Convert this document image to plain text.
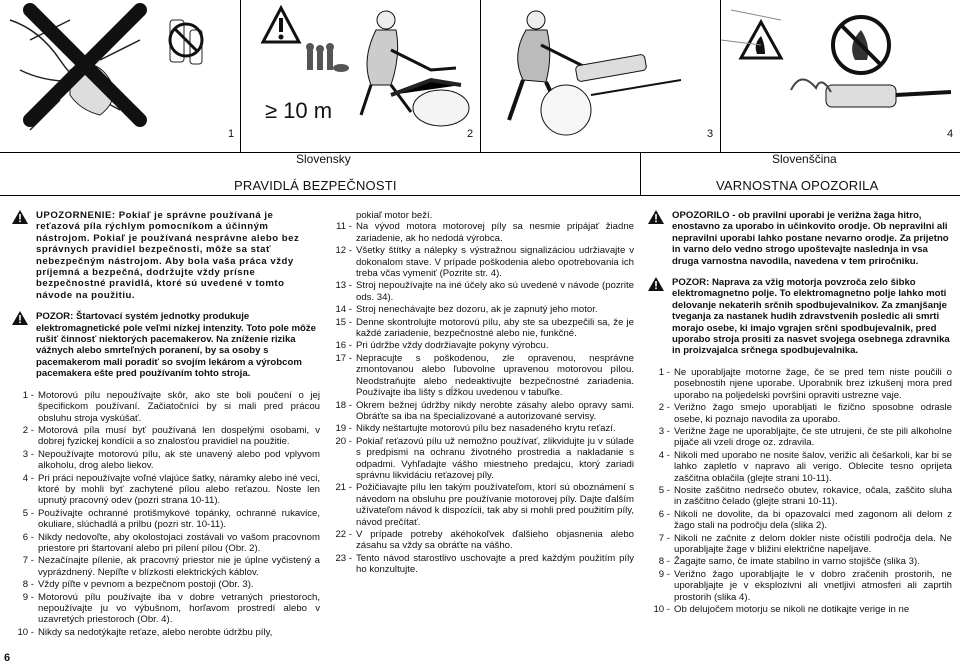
1
≥ 10 m
2	3	4
Slovensky
PRAVIDLÁ BEZPEČNOSTI
UPOZORNENIE: Pokiaľ je správne používaná je reťazová píla rýchlym pomocníkom a účinným nástrojom. Pokiaľ je používaná nesprávne alebo bez správnych pravidiel bezpečnosti, môže sa stať nebezpečným nástrojom. Aby bola vaša práca vždy príjemná a bezpečná, dodržujte vždy prísne bezpečnostné pravidlá, ktoré sú uvedené v tomto návode na použitiu.
POZOR: Štartovací systém jednotky produkuje elektromagnetické pole veľmi nízkej intenzity. Toto pole môže rušiť činnosť niektorých pacemakerov. Na zníženie rizika vážnych alebo smrteľných poranení, by sa osoby s pacemakerom mali poradiť so svojím lekárom a výrobcom pacemakera ešte pred používaním tohto stroja.
1 - Motorovú pílu nepoužívajte skôr, ako ste boli poučení o jej špecifickom používaní. Začiatočníci by si mali pred prácou obsluhu stroja vyskúšať.
2 - Motorová píla musí byť používaná len dospelými osobami, v dobrej fyzickej kondícii a so znalosťou pravidiel na použitie.
3 - Nepoužívajte motorovú pílu, ak ste unavený alebo pod vplyvom alkoholu, drog alebo liekov.
4 - Pri práci nepoužívajte voľné vlajúce šatky, náramky alebo iné veci, ktoré by mohli byť zachytené pílou alebo reťazou. Noste len upnutý pracovný odev (pozri strana 10-11).
5 - Používajte ochranné protišmykové topánky, ochranné rukavice, okuliare, slúchadlá a prilbu (pozri str. 10-11).
6 - Nikdy nedovoľte, aby okolostojaci zostávali vo vašom pracovnom priestore pri štartovaní alebo pri pílení pílou (Obr. 2).
7 - Nezačínajte pílenie, ak pracovný priestor nie je úplne vyčistený a vyprázdnený. Nepíľte v blízkosti elektrických káblov.
8 - Vždy píľte v pevnom a bezpečnom postoji (Obr. 3).
9 - Motorovú pílu používajte iba v dobre vetraných priestoroch, nepoužívajte ju vo výbušnom, horľavom prostredí alebo v uzavretých priestoroch (Obr. 4).
10 - Nikdy sa nedotýkajte reťaze, alebo nerobte údržbu píly,
pokiaľ motor beží.
11 - Na vývod motora motorovej píly sa nesmie pripájať žiadne zariadenie, ak ho nedodá výrobca.
12 - Všetky štítky a nálepky s výstražnou signalizáciou udržiavajte v dokonalom stave. V prípade poškodenia alebo opotrebovania ich treba včas vymeniť (Pozrite str. 4).
13 - Stroj nepoužívajte na iné účely ako sú uvedené v návode (pozrite ods. 34).
14 - Stroj nenechávajte bez dozoru, ak je zapnutý jeho motor.
15 - Denne skontrolujte motorovú pílu, aby ste sa ubezpečili sa, že je každé zariadenie, bezpečnostné alebo nie, funkčné.
16 - Pri údržbe vždy dodržiavajte pokyny výrobcu.
17 - Nepracujte s poškodenou, zle opravenou, nesprávne zmontovanou alebo ľubovolne upravenou motorovou pílou. Neodstraňujte alebo nedeaktivujte bezpečnostné zariadenia. Používajte iba lišty s dĺžkou uvedenou v tabuľke.
18 - Okrem bežnej údržby nikdy nerobte zásahy alebo opravy sami. Obráťte sa iba na špecializované a autorizované servisy.
19 - Nikdy neštartujte motorovú pílu bez nasadeného krytu reťazí.
20 - Pokiaľ reťazovú pílu už nemožno používať, zlikvidujte ju v súlade s predpismi na ochranu životného prostredia a nakladanie s odpadmi. Vyhľadajte vášho miestneho predajcu, ktorý zariadi správnu likvidáciu reťazovej píly.
21 - Požičiavajte pílu len takým používateľom, ktorí sú oboznámení s návodom na obsluhu pre používanie motorovej píly. Dajte ďalším užívateľom návod k dispozícii, tak aby si mohli pred použitím píly, návod prečítať.
22 - V prípade potreby akéhokoľvek ďalšieho objasnenia alebo zásahu sa vždy sa obráťte na vášho.
23 - Tento návod starostlivo uschovajte a pred každým použitím píly ho konzultujte.
6
Slovenščina
VARNOSTNA OPOZORILA
OPOZORILO - ob pravilni uporabi je verižna žaga hitro, enostavno za uporabo in učinkovito orodje. Ob nepravilni ali nepravilni uporabi lahko postane nevarno orodje. Za prijetno in varno delo vedno strogo upoštevajte naslednja in vsa druga varnostna navodila, navedena v tem priročniku.
POZOR: Naprava za vžig motorja povzroča zelo šibko elektromagnetno polje. To elektromagnetno polje lahko moti delovanje nekaterih srčnih spodbujevalnikov. Za zmanjšanje tveganja za nastanek hudih zdravstvenih posledic ali smrti morajo osebe, ki imajo vgrajen srčni spodbujevalnik, pred uporabo stroja prositi za nasvet svojega osebnega zdravnika in proizvajalca srčnega spodbujevalnika.
1 - Ne uporabljajte motorne žage, če se pred tem niste poučili o posebnostih njene uporabe. Uporabnik brez izkušenj mora pred uporabo na poljedelski površini opraviti ustrezne vaje.
2 - Verižno žago smejo uporabljati le fizično sposobne odrasle osebe, ki poznajo navodila za uporabo.
3 - Verižne žage ne uporabljajte, če ste utrujeni, če ste pili alkoholne pijače ali vzeli droge oz. zdravila.
4 - Nikoli med uporabo ne nosite šalov, verižic ali češarkoli, kar bi se lahko zapletlo v napravo ali verigo. Oblecite tesno oprijeta zaščitna oblačila (glejte strani 10-11).
5 - Nosite zaščitno nedrsečo obutev, rokavice, očala, zaščito sluha in zaščitno čelado (glejte strani 10-11).
6 - Nikoli ne dovolite, da bi opazovalci med zagonom ali delom z žago stali na področju dela (slika 2).
7 - Nikoli ne začnite z delom dokler niste očistili področja dela. Ne uporabljajte žage v bližini električne napeljave.
8 - Žagajte samo, če imate stabilno in varno stojišče (slika 3).
9 - Verižno žago uporabljajte le v dobro zračenih prostorih, ne uporabljajte je v eksplozivni ali vnetljivi atmosferi ali zaprtih prostorih (slika 4).
10 - Ob delujočem motorju se nikoli ne dotikajte verige in ne
